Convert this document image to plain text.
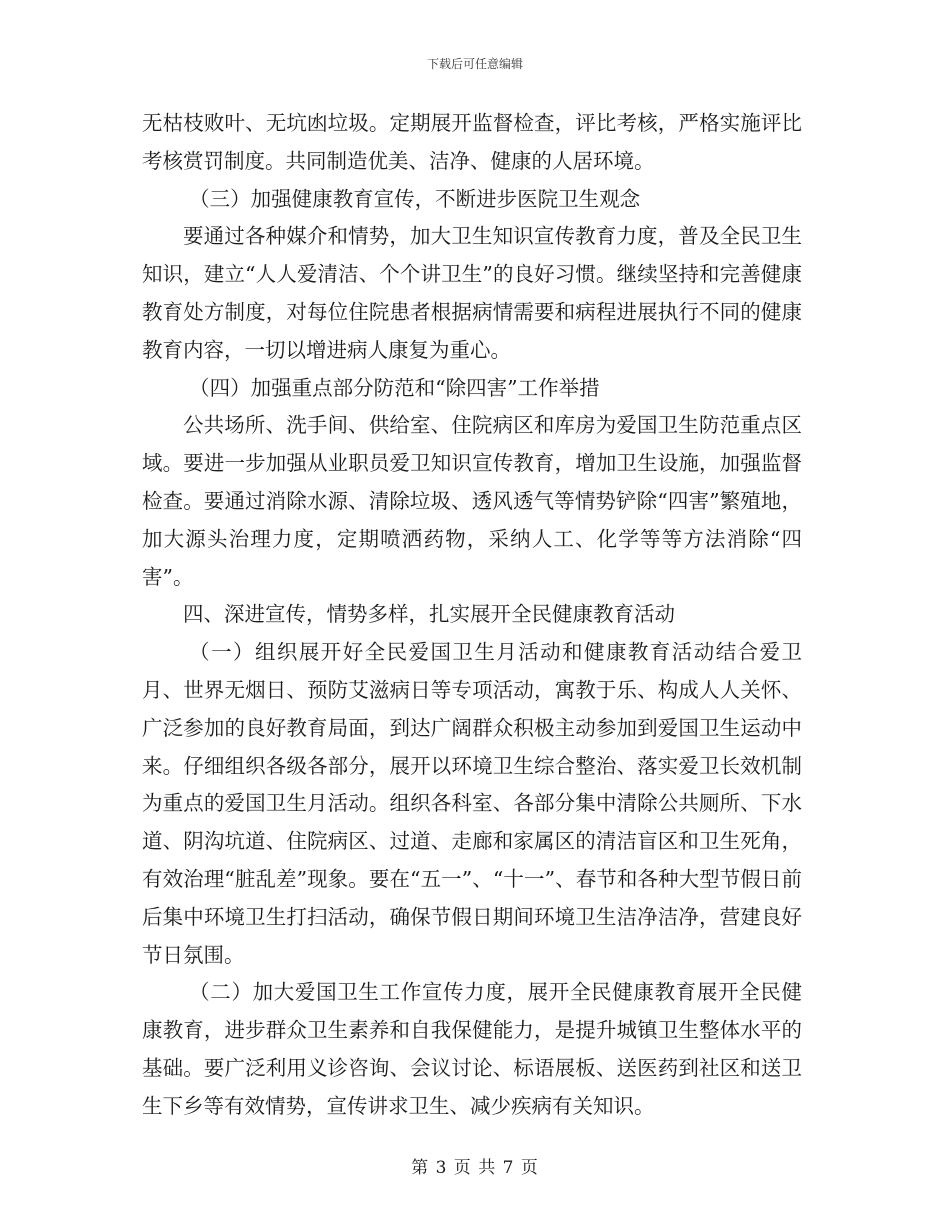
下载后可任意编辑

无枯枝败叶、无坑凼垃圾。定期展开监督检查，评比考核，严格实施评比考核赏罚制度。共同制造优美、洁净、健康的人居环境。

（三）加强健康教育宣传，不断进步医院卫生观念

要通过各种媒介和情势，加大卫生知识宣传教育力度，普及全民卫生知识，建立“人人爱清洁、个个讲卫生”的良好习惯。继续坚持和完善健康教育处方制度，对每位住院患者根据病情需要和病程进展执行不同的健康教育内容，一切以增进病人康复为重心。

（四）加强重点部分防范和“除四害”工作举措

公共场所、洗手间、供给室、住院病区和库房为爱国卫生防范重点区域。要进一步加强从业职员爱卫知识宣传教育，增加卫生设施，加强监督检查。要通过消除水源、清除垃圾、透风透气等情势铲除“四害”繁殖地，加大源头治理力度，定期喷洒药物，采纳人工、化学等等方法消除“四害”。

四、深进宣传，情势多样，扎实展开全民健康教育活动

（一）组织展开好全民爱国卫生月活动和健康教育活动结合爱卫月、世界无烟日、预防艾滋病日等专项活动，寓教于乐、构成人人关怀、广泛参加的良好教育局面，到达广阔群众积极主动参加到爱国卫生运动中来。仔细组织各级各部分，展开以环境卫生综合整治、落实爱卫长效机制为重点的爱国卫生月活动。组织各科室、各部分集中清除公共厕所、下水道、阴沟坑道、住院病区、过道、走廊和家属区的清洁盲区和卫生死角，有效治理“脏乱差”现象。要在“五一”、“十一”、春节和各种大型节假日前后集中环境卫生打扫活动，确保节假日期间环境卫生洁净洁净，营建良好节日氛围。

（二）加大爱国卫生工作宣传力度，展开全民健康教育展开全民健康教育，进步群众卫生素养和自我保健能力，是提升城镇卫生整体水平的基础。要广泛利用义诊咨询、会议讨论、标语展板、送医药到社区和送卫生下乡等有效情势，宣传讲求卫生、减少疾病有关知识。

第 3 页 共 7 页
